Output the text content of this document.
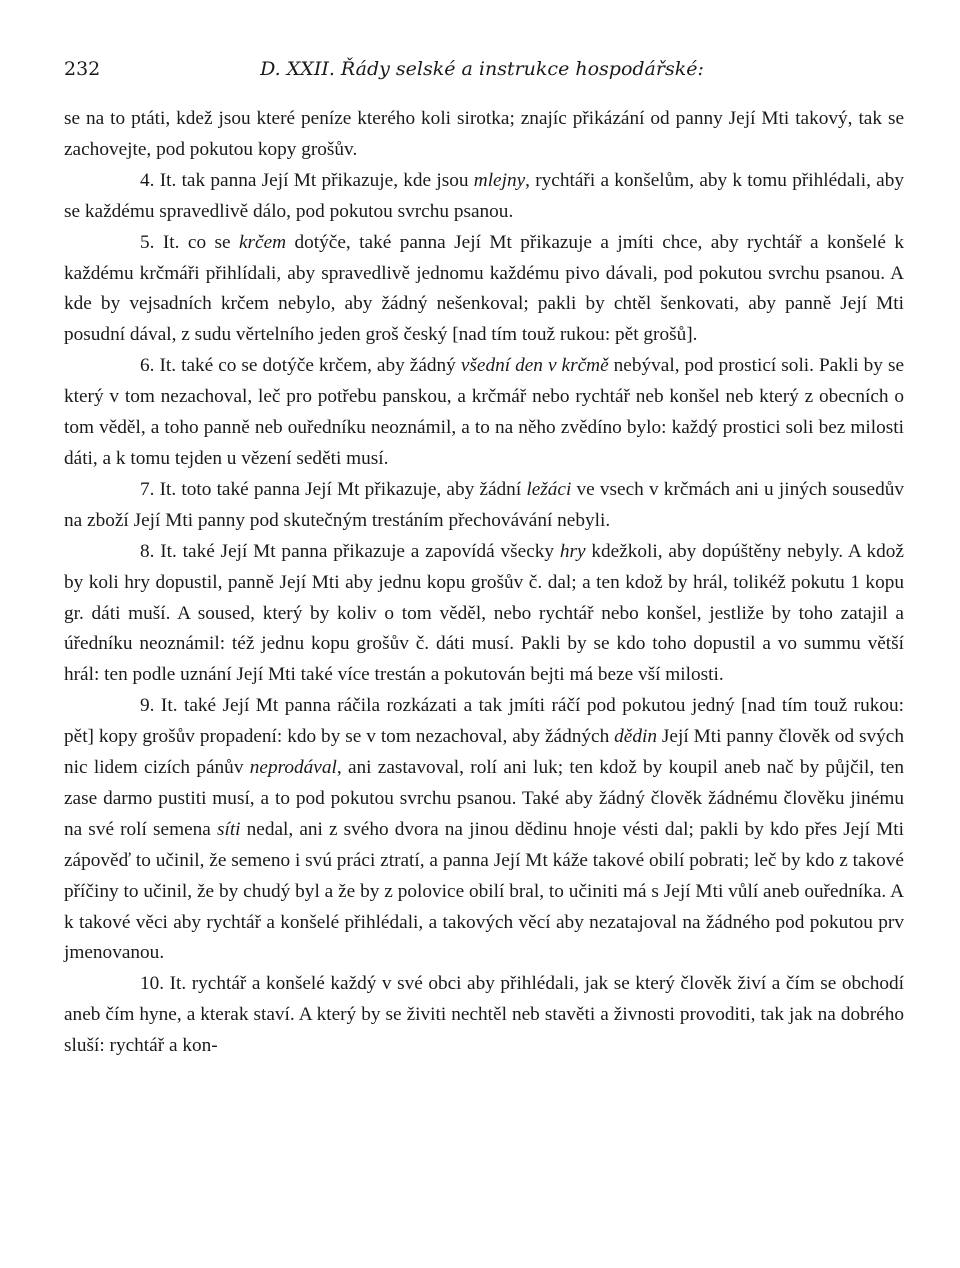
232	D. XXII. Řády selské a instrukce hospodářské:

se na to ptáti, kdež jsou které peníze kterého koli sirotka; znajíc přikázání od panny Její Mti takový, tak se zachovejte, pod pokutou kopy grošův.

4. It. tak panna Její Mt přikazuje, kde jsou mlejny, rychtáři a konšelům, aby k tomu přihlédali, aby se každému spravedlivě dálo, pod pokutou svrchu psanou.

5. It. co se krčem dotýče, také panna Její Mt přikazuje a jmíti chce, aby rychtář a konšelé k každému krčmáři přihlídali, aby spravedlivě jednomu každému pivo dávali, pod pokutou svrchu psanou. A kde by vejsadních krčem nebylo, aby žádný nešenkoval; pakli by chtěl šenkovati, aby panně Její Mti posudní dával, z sudu věrtelního jeden groš český [nad tím touž rukou: pět grošů].

6. It. také co se dotýče krčem, aby žádný všední den v krčmě nebýval, pod prosticí soli. Pakli by se který v tom nezachoval, leč pro potřebu panskou, a krčmář nebo rychtář neb konšel neb který z obecních o tom věděl, a toho panně neb ouředníku neoznámil, a to na něho zvědíno bylo: každý prostici soli bez milosti dáti, a k tomu tejden u vězení seděti musí.

7. It. toto také panna Její Mt přikazuje, aby žádní ležáci ve vsech v krčmách ani u jiných sousedův na zboží Její Mti panny pod skutečným trestáním přechovávání nebyli.

8. It. také Její Mt panna přikazuje a zapovídá všecky hry kdežkoli, aby dopúštěny nebyly. A kdož by koli hry dopustil, panně Její Mti aby jednu kopu grošův č. dal; a ten kdož by hrál, tolikéž pokutu 1 kopu gr. dáti muší. A soused, který by koliv o tom věděl, nebo rychtář nebo konšel, jestliže by toho zatajil a úředníku neoznámil: též jednu kopu grošův č. dáti musí. Pakli by se kdo toho dopustil a vo summu větší hrál: ten podle uznání Její Mti také více trestán a pokutován bejti má beze vší milosti.

9. It. také Její Mt panna ráčila rozkázati a tak jmíti ráčí pod pokutou jedný [nad tím touž rukou: pět] kopy grošův propadení: kdo by se v tom nezachoval, aby žádných dědin Její Mti panny člověk od svých nic lidem cizích pánův neprodával, ani zastavoval, rolí ani luk; ten kdož by koupil aneb nač by půjčil, ten zase darmo pustiti musí, a to pod pokutou svrchu psanou. Také aby žádný člověk žádnému člověku jinému na své rolí semena síti nedal, ani z svého dvora na jinou dědinu hnoje vésti dal; pakli by kdo přes Její Mti zápověď to učinil, že semeno i svú práci ztratí, a panna Její Mt káže takové obilí pobrati; leč by kdo z takové příčiny to učinil, že by chudý byl a že by z polovice obilí bral, to učiniti má s Její Mti vůlí aneb ouředníka. A k takové věci aby rychtář a konšelé přihlédali, a takových věcí aby nezatajoval na žádného pod pokutou prv jmenovanou.

10. It. rychtář a konšelé každý v své obci aby přihlédali, jak se který člověk živí a čím se obchodí aneb čím hyne, a kterak staví. A který by se živiti nechtěl neb stavěti a živnosti provoditi, tak jak na dobrého sluší: rychtář a kon-
